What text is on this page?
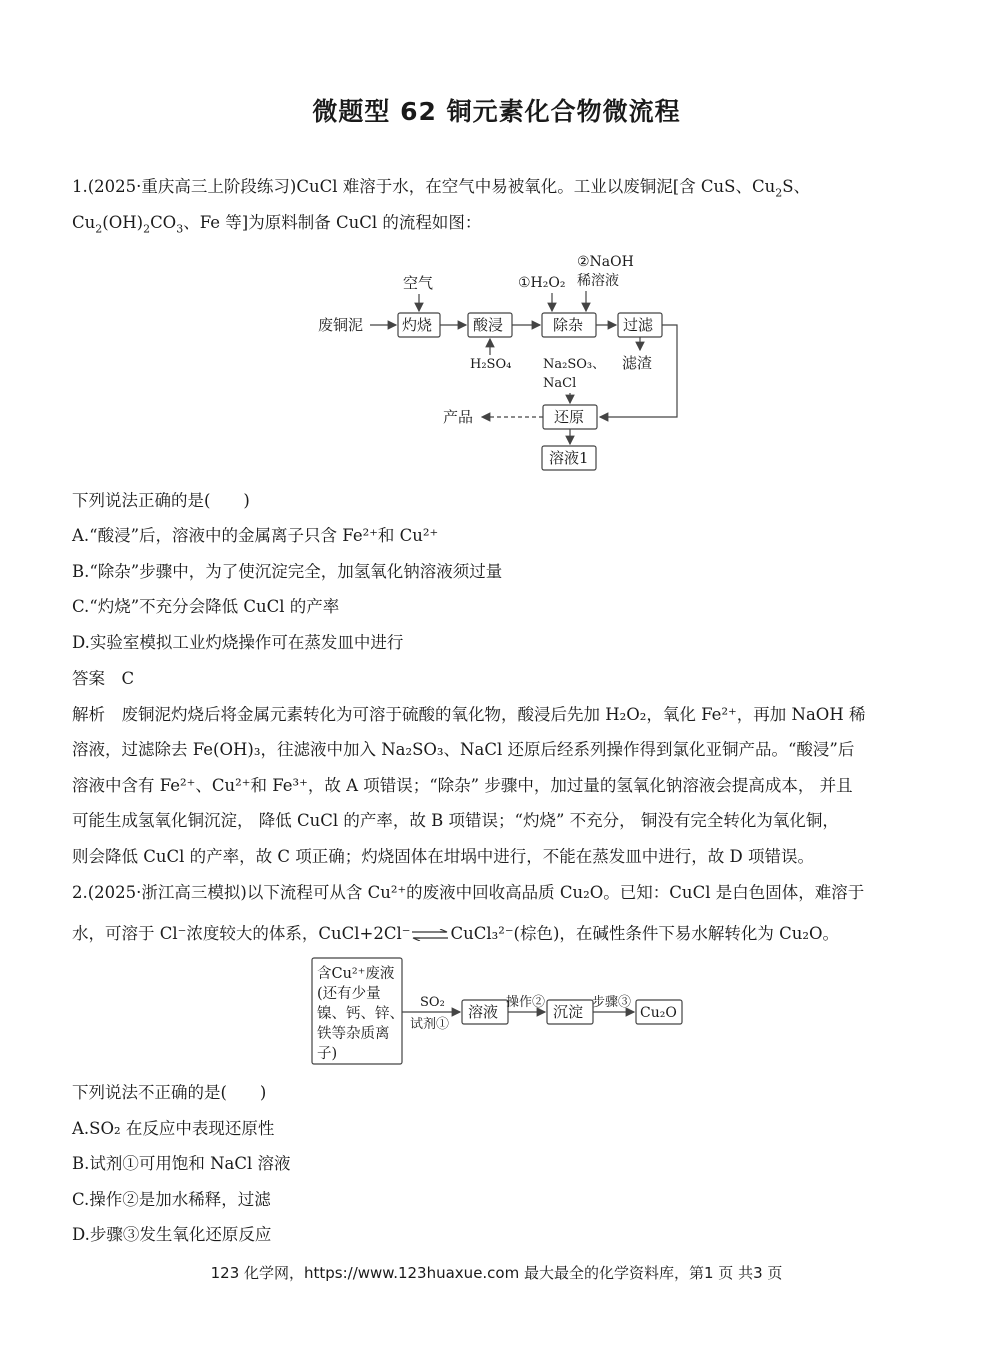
微题型 62 铜元素化合物微流程
1.(2025·重庆高三上阶段练习)CuCl 难溶于水，在空气中易被氧化。工业以废铜泥[含 CuS、$Cu_2S$、
$Cu_2(OH)_2CO_3$、Fe 等]为原料制备 CuCl 的流程如图：
废铜泥	灼烧
空气
酸浸
H₂SO₄
除杂
①H₂O₂
②NaOH
稀溶液
过滤
滤渣
Na₂SO₃、
NaCl
还原
产品
溶液1
下列说法正确的是(　　)
A.“酸浸”后，溶液中的金属离子只含 Fe²⁺和 Cu²⁺
B.“除杂”步骤中，为了使沉淀完全，加氢氧化钠溶液须过量
C.“灼烧”不充分会降低 CuCl 的产率
D.实验室模拟工业灼烧操作可在蒸发皿中进行
答案　C
解析　废铜泥灼烧后将金属元素转化为可溶于硫酸的氧化物，酸浸后先加 H₂O₂，氧化 Fe²⁺，再加 NaOH 稀
溶液，过滤除去 Fe(OH)₃，往滤液中加入 Na₂SO₃、NaCl 还原后经系列操作得到氯化亚铜产品。“酸浸”后
溶液中含有 Fe²⁺、Cu²⁺和 Fe³⁺，故 A 项错误；“除杂” 步骤中，加过量的氢氧化钠溶液会提高成本， 并且
可能生成氢氧化铜沉淀， 降低 CuCl 的产率，故 B 项错误；“灼烧” 不充分， 铜没有完全转化为氧化铜，
则会降低 CuCl 的产率，故 C 项正确；灼烧固体在坩埚中进行，不能在蒸发皿中进行，故 D 项错误。
2.(2025·浙江高三模拟)以下流程可从含 Cu²⁺的废液中回收高品质 Cu₂O。已知：CuCl 是白色固体，难溶于
水，可溶于 Cl⁻浓度较大的体系，CuCl+2Cl⁻ ⇌ CuCl₃²⁻(棕色)，在碱性条件下易水解转化为 Cu₂O。
含Cu²⁺废液
(还有少量
镍、钙、锌、
铁等杂质离
子)
SO₂
试剂①
溶液
操作②
沉淀
步骤③
Cu₂O
下列说法不正确的是(　　)
A.SO₂ 在反应中表现还原性
B.试剂①可用饱和 NaCl 溶液
C.操作②是加水稀释，过滤
D.步骤③发生氧化还原反应
123 化学网，https://www.123huaxue.com 最大最全的化学资料库，第1 页 共3 页
